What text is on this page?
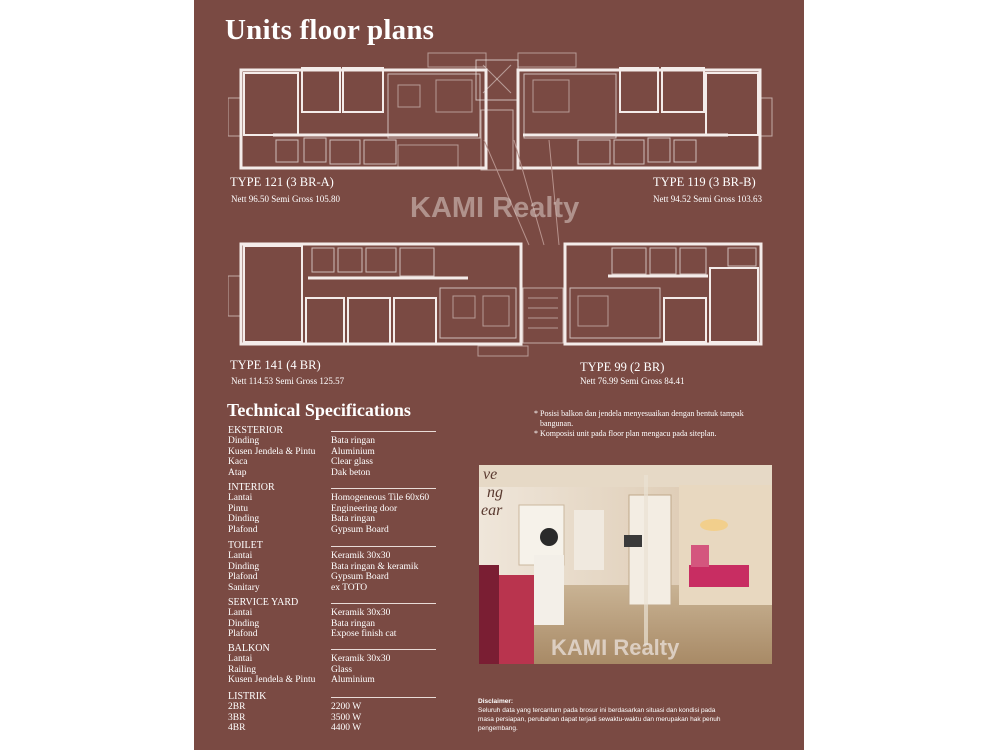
Units floor plans
TYPE 121 (3 BR-A)
Nett 96.50 Semi Gross 105.80
TYPE 119 (3 BR-B)
Nett 94.52 Semi Gross 103.63
TYPE 141 (4 BR)
Nett 114.53 Semi Gross 125.57
TYPE 99 (2 BR)
Nett 76.99 Semi Gross 84.41
KAMI Realty
Technical Specifications
EKSTERIOR
Dinding	Bata ringan
Kusen Jendela & Pintu	Aluminium
Kaca	Clear glass
Atap	Dak beton
INTERIOR
Lantai	Homogeneous Tile 60x60
Pintu	Engineering door
Dinding	Bata ringan
Plafond	Gypsum Board
TOILET
Lantai	Keramik 30x30
Dinding	Bata ringan & keramik
Plafond	Gypsum Board
Sanitary	ex TOTO
SERVICE YARD
Lantai	Keramik 30x30
Dinding	Bata ringan
Plafond	Expose finish cat
BALKON
Lantai	Keramik 30x30
Railing	Glass
Kusen Jendela & Pintu	Aluminium
LISTRIK
2BR	2200 W
3BR	3500 W
4BR	4400 W
* Posisi balkon dan jendela menyesuaikan dengan bentuk tampak bangunan.
* Komposisi unit pada floor plan mengacu pada siteplan.
ve
ng
ear
KAMI Realty
Disclaimer:
Seluruh data yang tercantum pada brosur ini berdasarkan situasi dan kondisi pada masa persiapan, perubahan dapat terjadi sewaktu-waktu dan merupakan hak penuh pengembang.
